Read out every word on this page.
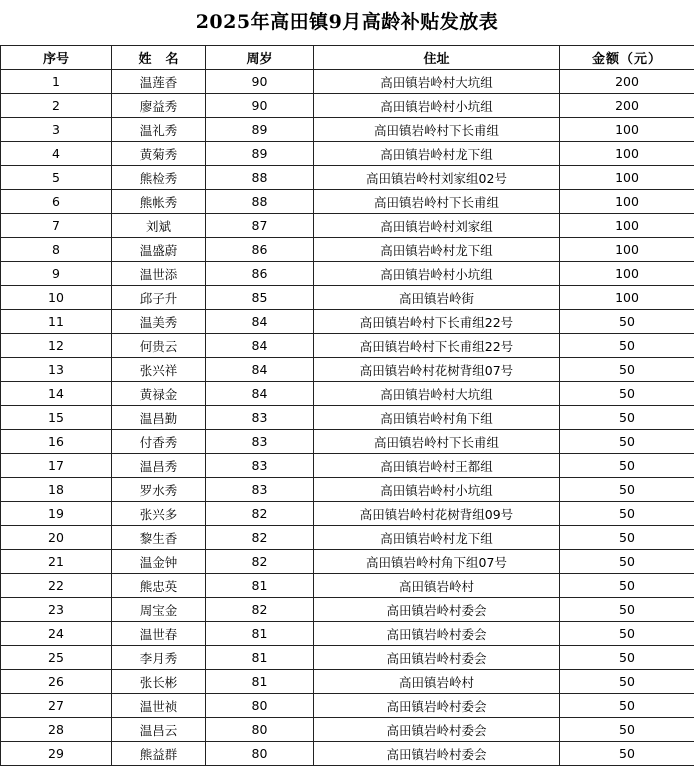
2025年高田镇9月高龄补贴发放表
序号	姓名	周岁	住址	金额（元）
1	温莲香	90	高田镇岩岭村大坑组	200
2	廖益秀	90	高田镇岩岭村小坑组	200
3	温礼秀	89	高田镇岩岭村下长甫组	100
4	黄菊秀	89	高田镇岩岭村龙下组	100
5	熊检秀	88	高田镇岩岭村刘家组02号	100
6	熊帐秀	88	高田镇岩岭村下长甫组	100
7	刘斌	87	高田镇岩岭村刘家组	100
8	温盛蔚	86	高田镇岩岭村龙下组	100
9	温世添	86	高田镇岩岭村小坑组	100
10	邱子升	85	高田镇岩岭街	100
11	温美秀	84	高田镇岩岭村下长甫组22号	50
12	何贵云	84	高田镇岩岭村下长甫组22号	50
13	张兴祥	84	高田镇岩岭村花树背组07号	50
14	黄禄金	84	高田镇岩岭村大坑组	50
15	温昌勤	83	高田镇岩岭村角下组	50
16	付香秀	83	高田镇岩岭村下长甫组	50
17	温昌秀	83	高田镇岩岭村王都组	50
18	罗水秀	83	高田镇岩岭村小坑组	50
19	张兴多	82	高田镇岩岭村花树背组09号	50
20	黎生香	82	高田镇岩岭村龙下组	50
21	温金钟	82	高田镇岩岭村角下组07号	50
22	熊忠英	81	高田镇岩岭村	50
23	周宝金	82	高田镇岩岭村委会	50
24	温世春	81	高田镇岩岭村委会	50
25	李月秀	81	高田镇岩岭村委会	50
26	张长彬	81	高田镇岩岭村	50
27	温世祯	80	高田镇岩岭村委会	50
28	温昌云	80	高田镇岩岭村委会	50
29	熊益群	80	高田镇岩岭村委会	50
